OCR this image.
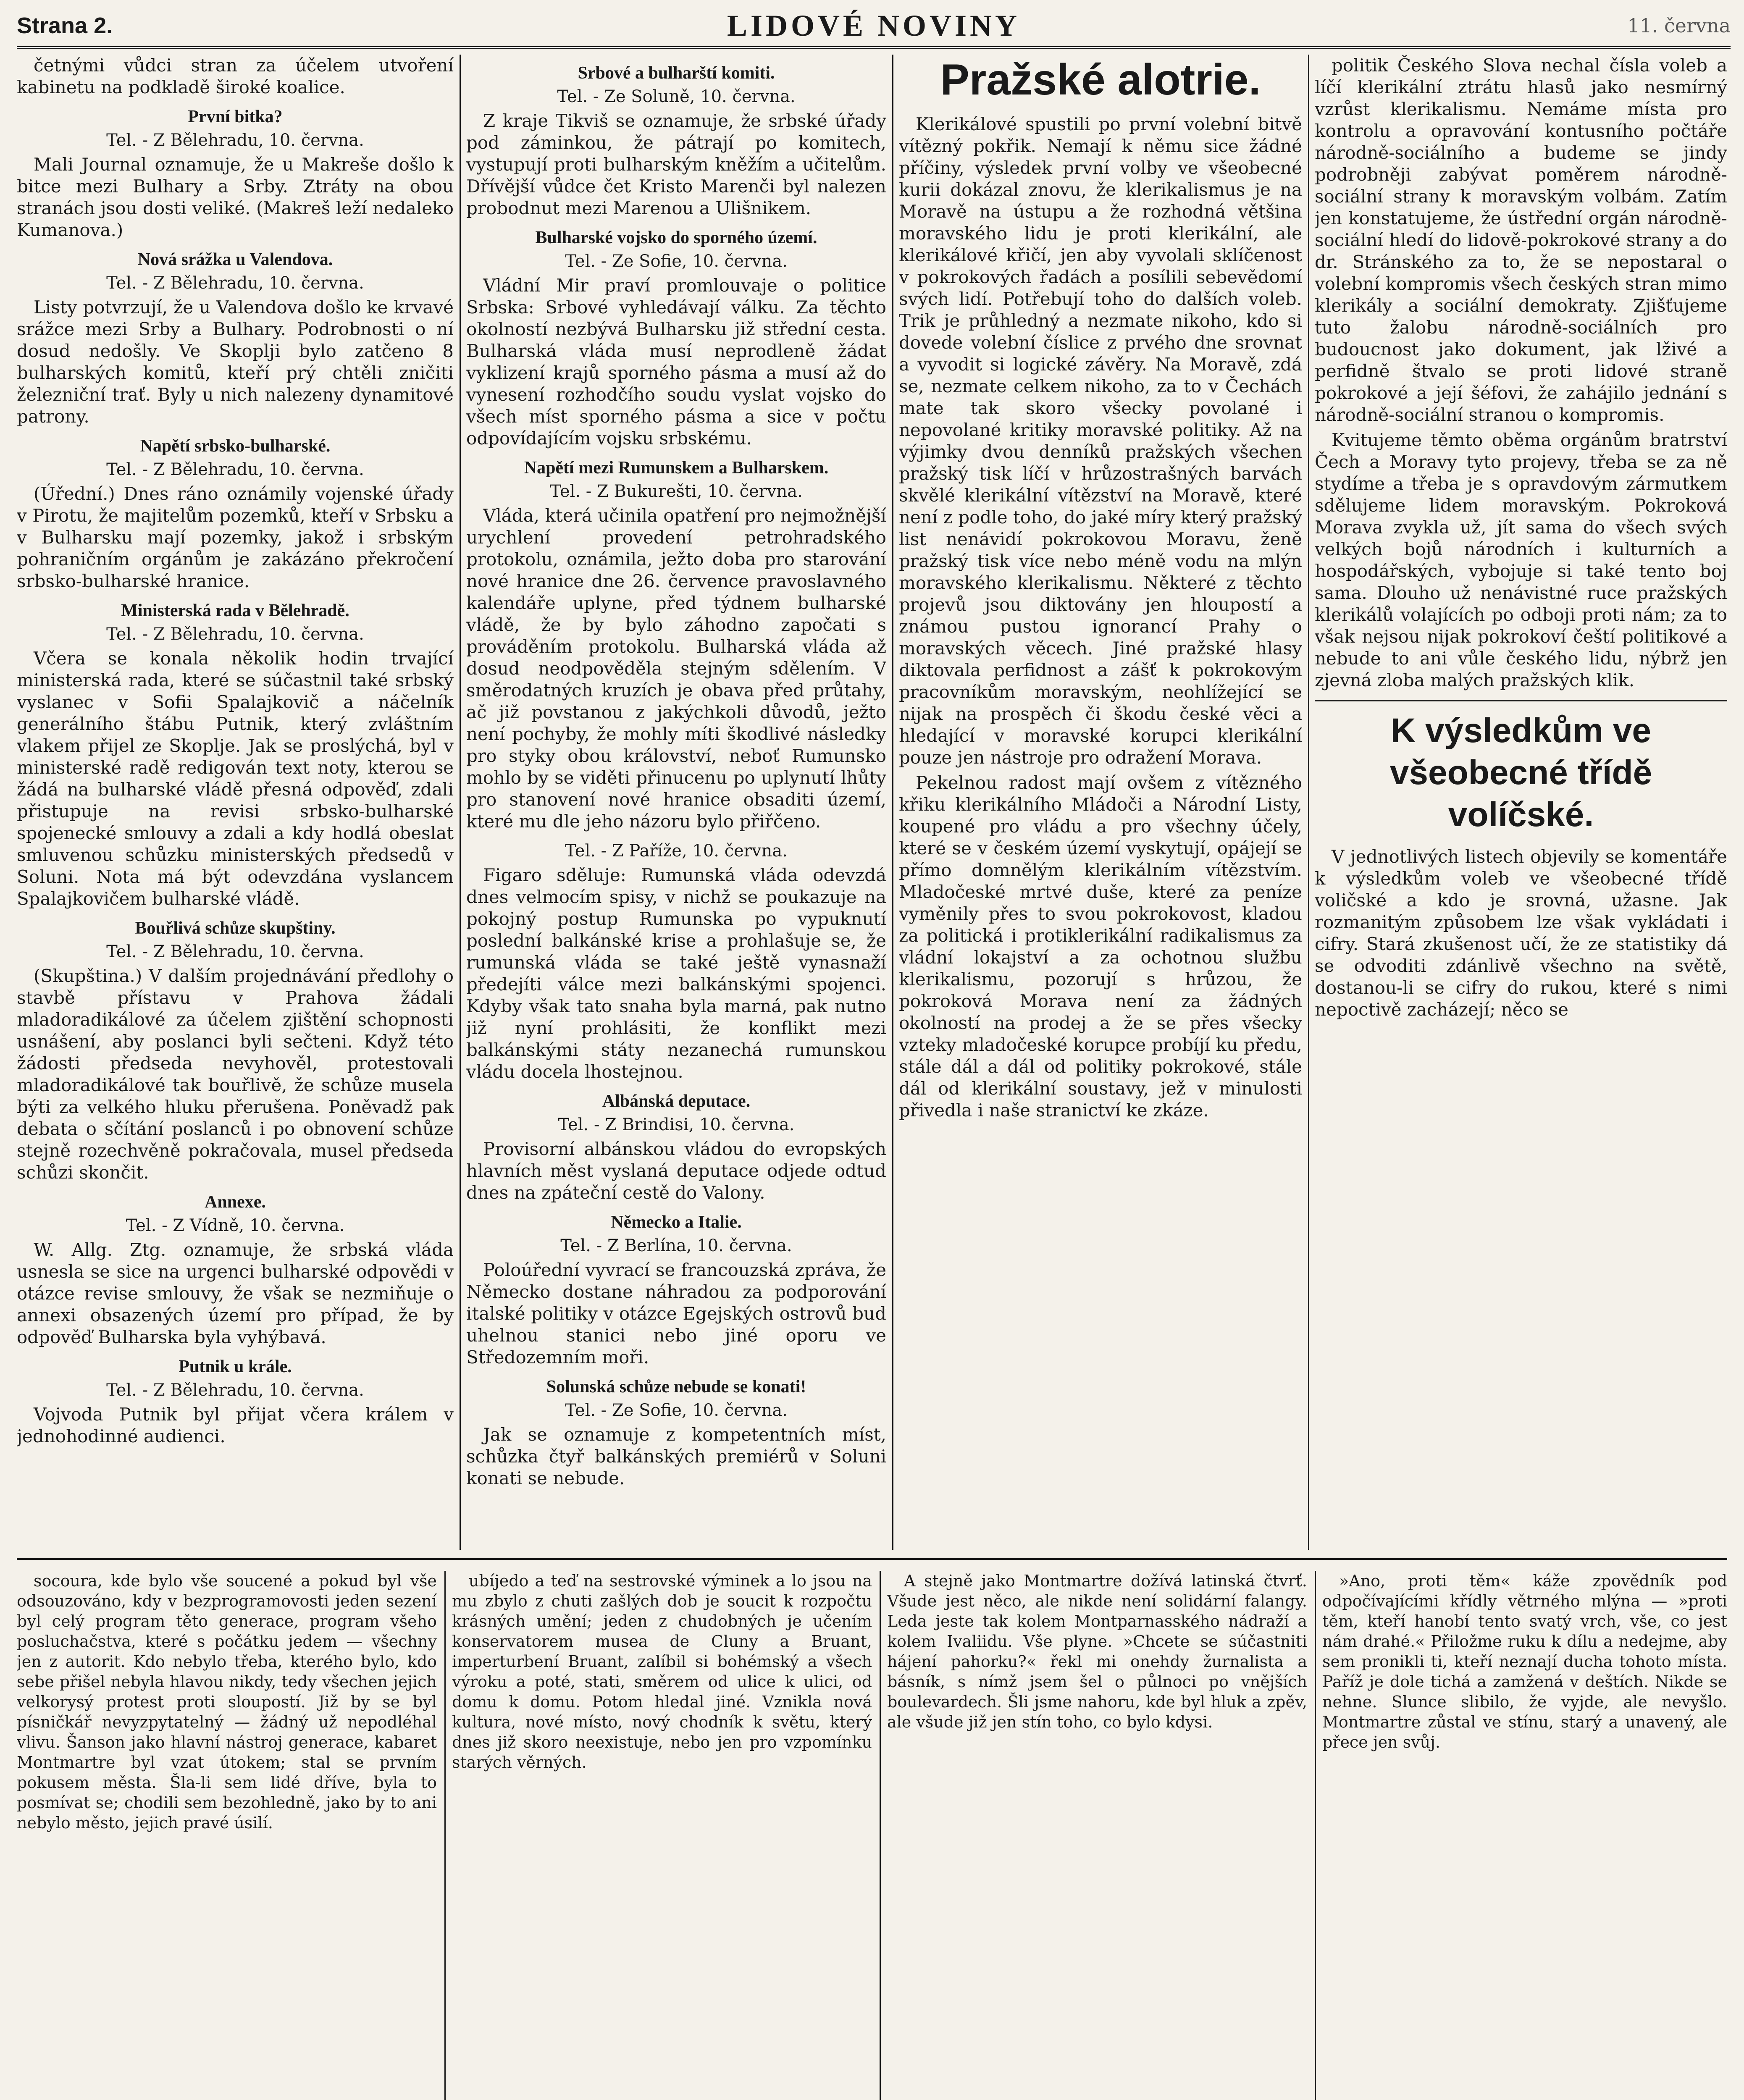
Strana 2.	LIDOVÉ NOVINY	11. června

četnými vůdci stran za účelem utvoření kabinetu na podkladě široké koalice.

První bitka?
Tel. - Z Bělehradu, 10. června.

Mali Journal oznamuje, že u Makreše došlo k bitce mezi Bulhary a Srby. Ztráty na obou stranách jsou dosti veliké. (Makreš leží nedaleko Kumanova.)

Nová srážka u Valendova.
Tel. - Z Bělehradu, 10. června.

Listy potvrzují, že u Valendova došlo ke krvavé srážce mezi Srby a Bulhary. Podrobnosti o ní dosud nedošly. Ve Skoplji bylo zatčeno 8 bulharských komitů, kteří prý chtěli zničiti železniční trať. Byly u nich nalezeny dynamitové patrony.

Napětí srbsko-bulharské.
Tel. - Z Bělehradu, 10. června.

(Úřední.) Dnes ráno oznámily vojenské úřady v Pirotu, že majitelům pozemků, kteří v Srbsku a v Bulharsku mají pozemky, jakož i srbským pohraničním orgánům je zakázáno překročení srbsko-bulharské hranice.

Ministerská rada v Bělehradě.
Tel. - Z Bělehradu, 10. června.

Včera se konala několik hodin trvající ministerská rada, které se súčastnil také srbský vyslanec v Sofii Spalajkovič a náčelník generálního štábu Putnik, který zvláštním vlakem přijel ze Skoplje. Jak se proslýchá, byl v ministerské radě redigován text noty, kterou se žádá na bulharské vládě přesná odpověď, zdali přistupuje na revisi srbsko-bulharské spojenecké smlouvy a zdali a kdy hodlá obeslat smluvenou schůzku ministerských předsedů v Soluni. Nota má být odevzdána vyslancem Spalajkovičem bulharské vládě.

Bouřlivá schůze skupštiny.
Tel. - Z Bělehradu, 10. června.

(Skupština.) V dalším projednávání předlohy o stavbě přístavu v Prahova žádali mladoradikálové za účelem zjištění schopnosti usnášení, aby poslanci byli sečteni. Když této žádosti předseda nevyhověl, protestovali mladoradikálové tak bouřlivě, že schůze musela býti za velkého hluku přerušena. Poněvadž pak debata o sčítání poslanců i po obnovení schůze stejně rozechvěně pokračovala, musel předseda schůzi skončit.

Annexe.
Tel. - Z Vídně, 10. června.

W. Allg. Ztg. oznamuje, že srbská vláda usnesla se sice na urgenci bulharské odpovědi v otázce revise smlouvy, že však se nezmiňuje o annexi obsazených území pro případ, že by odpověď Bulharska byla vyhýbavá.

Putnik u krále.
Tel. - Z Bělehradu, 10. června.

Vojvoda Putnik byl přijat včera králem v jednohodinné audienci.

Srbové a bulharští komiti.
Tel. - Ze Soluně, 10. června.

Z kraje Tikviš se oznamuje, že srbské úřady pod záminkou, že pátrají po komitech, vystupují proti bulharským kněžím a učitelům. Dřívější vůdce čet Kristo Marenči byl nalezen probodnut mezi Marenou a Ulišnikem.

Bulharské vojsko do sporného území.
Tel. - Ze Sofie, 10. června.

Vládní Mir praví promlouvaje o politice Srbska: Srbové vyhledávají válku. Za těchto okolností nezbývá Bulharsku již střední cesta. Bulharská vláda musí neprodleně žádat vyklizení krajů sporného pásma a musí až do vynesení rozhodčího soudu vyslat vojsko do všech míst sporného pásma a sice v počtu odpovídajícím vojsku srbskému.

Napětí mezi Rumunskem a Bulharskem.
Tel. - Z Bukurešti, 10. června.

Vláda, která učinila opatření pro nejmožnější urychlení provedení petrohradského protokolu, oznámila, ježto doba pro starování nové hranice dne 26. července pravoslavného kalendáře uplyne, před týdnem bulharské vládě, že by bylo záhodno započati s prováděním protokolu. Bulharská vláda až dosud neodpověděla stejným sdělením. V směrodatných kruzích je obava před průtahy, ač již povstanou z jakýchkoli důvodů, ježto není pochyby, že mohly míti škodlivé následky pro styky obou království, neboť Rumunsko mohlo by se viděti přinucenu po uplynutí lhůty pro stanovení nové hranice obsaditi území, které mu dle jeho názoru bylo přiřčeno.

Tel. - Z Paříže, 10. června.

Figaro sděluje: Rumunská vláda odevzdá dnes velmocím spisy, v nichž se poukazuje na pokojný postup Rumunska po vypuknutí poslední balkánské krise a prohlašuje se, že rumunská vláda se také ještě vynasnaží předejíti válce mezi balkánskými spojenci. Kdyby však tato snaha byla marná, pak nutno již nyní prohlásiti, že konflikt mezi balkánskými státy nezanechá rumunskou vládu docela lhostejnou.

Albánská deputace.
Tel. - Z Brindisi, 10. června.

Provisorní albánskou vládou do evropských hlavních měst vyslaná deputace odjede odtud dnes na zpáteční cestě do Valony.

Německo a Italie.
Tel. - Z Berlína, 10. června.

Poloúřední vyvrací se francouzská zpráva, že Německo dostane náhradou za podporování italské politiky v otázce Egejských ostrovů buď uhelnou stanici nebo jiné oporu ve Středozemním moři.

Solunská schůze nebude se konati!
Tel. - Ze Sofie, 10. června.

Jak se oznamuje z kompetentních míst, schůzka čtyř balkánských premiérů v Soluni konati se nebude.

Pražské alotrie.

Klerikálové spustili po první volební bitvě vítězný pokřik. Nemají k němu sice žádné příčiny, výsledek první volby ve všeobecné kurii dokázal znovu, že klerikalismus je na Moravě na ústupu a že rozhodná většina moravského lidu je proti klerikální, ale klerikálové křičí, jen aby vyvolali sklíčenost v pokrokových řadách a posílili sebevědomí svých lidí. Potřebují toho do dalších voleb. Trik je průhledný a nezmate nikoho, kdo si dovede volební číslice z prvého dne srovnat a vyvodit si logické závěry. Na Moravě, zdá se, nezmate celkem nikoho, za to v Čechách mate tak skoro všecky povolané i nepovolané kritiky moravské politiky. Až na výjimky dvou denníků pražských všechen pražský tisk líčí v hrůzostrašných barvách skvělé klerikální vítězství na Moravě, které není z podle toho, do jaké míry který pražský list nenávidí pokrokovou Moravu, ženě pražský tisk více nebo méně vodu na mlýn moravského klerikalismu. Některé z těchto projevů jsou diktovány jen hloupostí a známou pustou ignorancí Prahy o moravských věcech. Jiné pražské hlasy diktovala perfidnost a zášť k pokrokovým pracovníkům moravským, neohlížející se nijak na prospěch či škodu české věci a hledající v moravské korupci klerikální pouze jen nástroje pro odražení Morava.

Pekelnou radost mají ovšem z vítězného křiku klerikálního Mládoči a Národní Listy, koupené pro vládu a pro všechny účely, které se v českém území vyskytují, opájejí se přímo domnělým klerikálním vítězstvím. Mladočeské mrtvé duše, které za peníze vyměnily přes to svou pokrokovost, kladou za politická i protiklerikální radikalismus za vládní lokajství a za ochotnou službu klerikalismu, pozorují s hrůzou, že pokroková Morava není za žádných okolností na prodej a že se přes všecky vzteky mladočeské korupce probíjí ku předu, stále dál a dál od politiky pokrokové, stále dál od klerikální soustavy, jež v minulosti přivedla i naše stranictví ke zkáze.

politik Českého Slova nechal čísla voleb a líčí klerikální ztrátu hlasů jako nesmírný vzrůst klerikalismu. Nemáme místa pro kontrolu a opravování kontusního počtáře národně-sociálního a budeme se jindy podrobněji zabývat poměrem národně-sociální strany k moravským volbám. Zatím jen konstatujeme, že ústřední orgán národně-sociální hledí do lidově-pokrokové strany a do dr. Stránského za to, že se nepostaral o volební kompromis všech českých stran mimo klerikály a sociální demokraty. Zjišťujeme tuto žalobu národně-sociálních pro budoucnost jako dokument, jak lživé a perfidně štvalo se proti lidové straně pokrokové a její šéfovi, že zahájilo jednání s národně-sociální stranou o kompromis.

Kvitujeme těmto oběma orgánům bratrství Čech a Moravy tyto projevy, třeba se za ně stydíme a třeba je s opravdovým zármutkem sdělujeme lidem moravským. Pokroková Morava zvykla už, jít sama do všech svých velkých bojů národních i kulturních a hospodářských, vybojuje si také tento boj sama. Dlouho už nenávistné ruce pražských klerikálů volajících po odboji proti nám; za to však nejsou nijak pokrokoví čeští politikové a nebude to ani vůle českého lidu, nýbrž jen zjevná zloba malých pražských klik.

K výsledkům ve všeobecné třídě volíčské.

V jednotlivých listech objevily se komentáře k výsledkům voleb ve všeobecné třídě voličské a kdo je srovná, užasne. Jak rozmanitým způsobem lze však vykládati i cifry. Stará zkušenost učí, že ze statistiky dá se odvoditi zdánlivě všechno na světě, dostanou-li se cifry do rukou, které s nimi nepoctivě zacházejí; něco se

socoura, kde bylo vše soucené a pokud byl vše odsouzováno, kdy v bezprogramovosti jeden sezení byl celý program těto generace, program všeho posluchačstva, které s počátku jedem — všechny jen z autorit. Kdo nebylo třeba, kterého bylo, kdo sebe přišel nebyla hlavou nikdy, tedy všechen jejich velkorysý protest proti sloupostí. Již by se byl písničkář nevyzpytatelný — žádný už nepodléhal vlivu. Šanson jako hlavní nástroj generace, kabaret Montmartre byl vzat útokem; stal se prvním pokusem města. Šla-li sem lidé dříve, byla to posmívat se; chodili sem bezohledně, jako by to ani nebylo město, jejich pravé úsilí.

ubíjedo a teď na sestrovské výminek a lo jsou na mu zbylo z chuti zašlých dob je soucit k rozpočtu krásných umění; jeden z chudobných je učením konservatorem musea de Cluny a Bruant, imperturbení Bruant, zalíbil si bohémský a všech výroku a poté, stati, směrem od ulice k ulici, od domu k domu. Potom hledal jiné. Vznikla nová kultura, nové místo, nový chodník k světu, který dnes již skoro neexistuje, nebo jen pro vzpomínku starých věrných.

A stejně jako Montmartre dožívá latinská čtvrť. Všude jest něco, ale nikde není solidární falangy. Leda jeste tak kolem Montparnasského nádraží a kolem Ivaliidu. Vše plyne. »Chcete se súčastniti hájení pahorku?« řekl mi onehdy žurnalista a básník, s nímž jsem šel o půlnoci po vnějších boulevardech. Šli jsme nahoru, kde byl hluk a zpěv, ale všude již jen stín toho, co bylo kdysi.

»Ano, proti těm« káže zpovědník pod odpočívajícími křídly větrného mlýna — »proti těm, kteří hanobí tento svatý vrch, vše, co jest nám drahé.« Přiložme ruku k dílu a nedejme, aby sem pronikli ti, kteří neznají ducha tohoto místa. Paříž je dole tichá a zamžená v deštích. Nikde se nehne. Slunce slibilo, že vyjde, ale nevyšlo. Montmartre zůstal ve stínu, starý a unavený, ale přece jen svůj.
